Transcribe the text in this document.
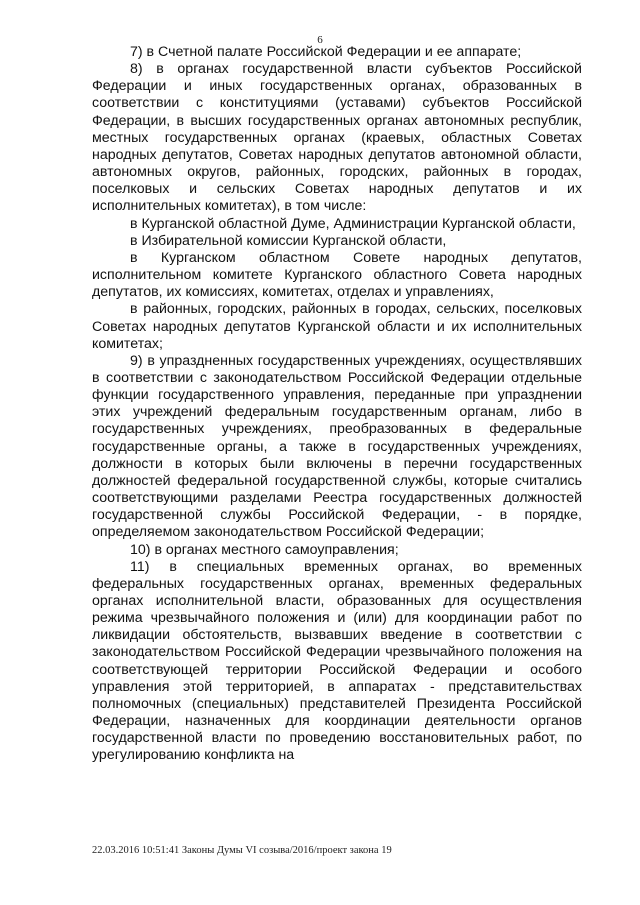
6

7) в Счетной палате Российской Федерации и ее аппарате;

8) в органах государственной власти субъектов Российской Федерации и иных государственных органах, образованных в соответствии с конституциями (уставами) субъектов Российской Федерации, в высших государственных органах автономных республик, местных государственных органах (краевых, областных Советах народных депутатов, Советах народных депутатов автономной области, автономных округов, районных, городских, районных в городах, поселковых и сельских Советах народных депутатов и их исполнительных комитетах), в том числе:

в Курганской областной Думе, Администрации Курганской области,

в Избирательной комиссии Курганской области,

в Курганском областном Совете народных депутатов, исполнительном комитете Курганского областного Совета народных депутатов, их комиссиях, комитетах, отделах и управлениях,

в районных, городских, районных в городах, сельских, поселковых Советах народных депутатов Курганской области и их исполнительных комитетах;

9) в упраздненных государственных учреждениях, осуществлявших в соответствии с законодательством Российской Федерации отдельные функции государственного управления, переданные при упразднении этих учреждений федеральным государственным органам, либо в государственных учреждениях, преобразованных в федеральные государственные органы, а также в государственных учреждениях, должности в которых были включены в перечни государственных должностей федеральной государственной службы, которые считались соответствующими разделами Реестра государственных должностей государственной службы Российской Федерации, - в порядке, определяемом законодательством Российской Федерации;

10) в органах местного самоуправления;

11) в специальных временных органах, во временных федеральных государственных органах, временных федеральных органах исполнительной власти, образованных для осуществления режима чрезвычайного положения и (или) для координации работ по ликвидации обстоятельств, вызвавших введение в соответствии с законодательством Российской Федерации чрезвычайного положения на соответствующей территории Российской Федерации и особого управления этой территорией, в аппаратах - представительствах полномочных (специальных) представителей Президента Российской Федерации, назначенных для координации деятельности органов государственной власти по проведению восстановительных работ, по урегулированию конфликта на

22.03.2016 10:51:41 Законы Думы VI созыва/2016/проект закона 19
